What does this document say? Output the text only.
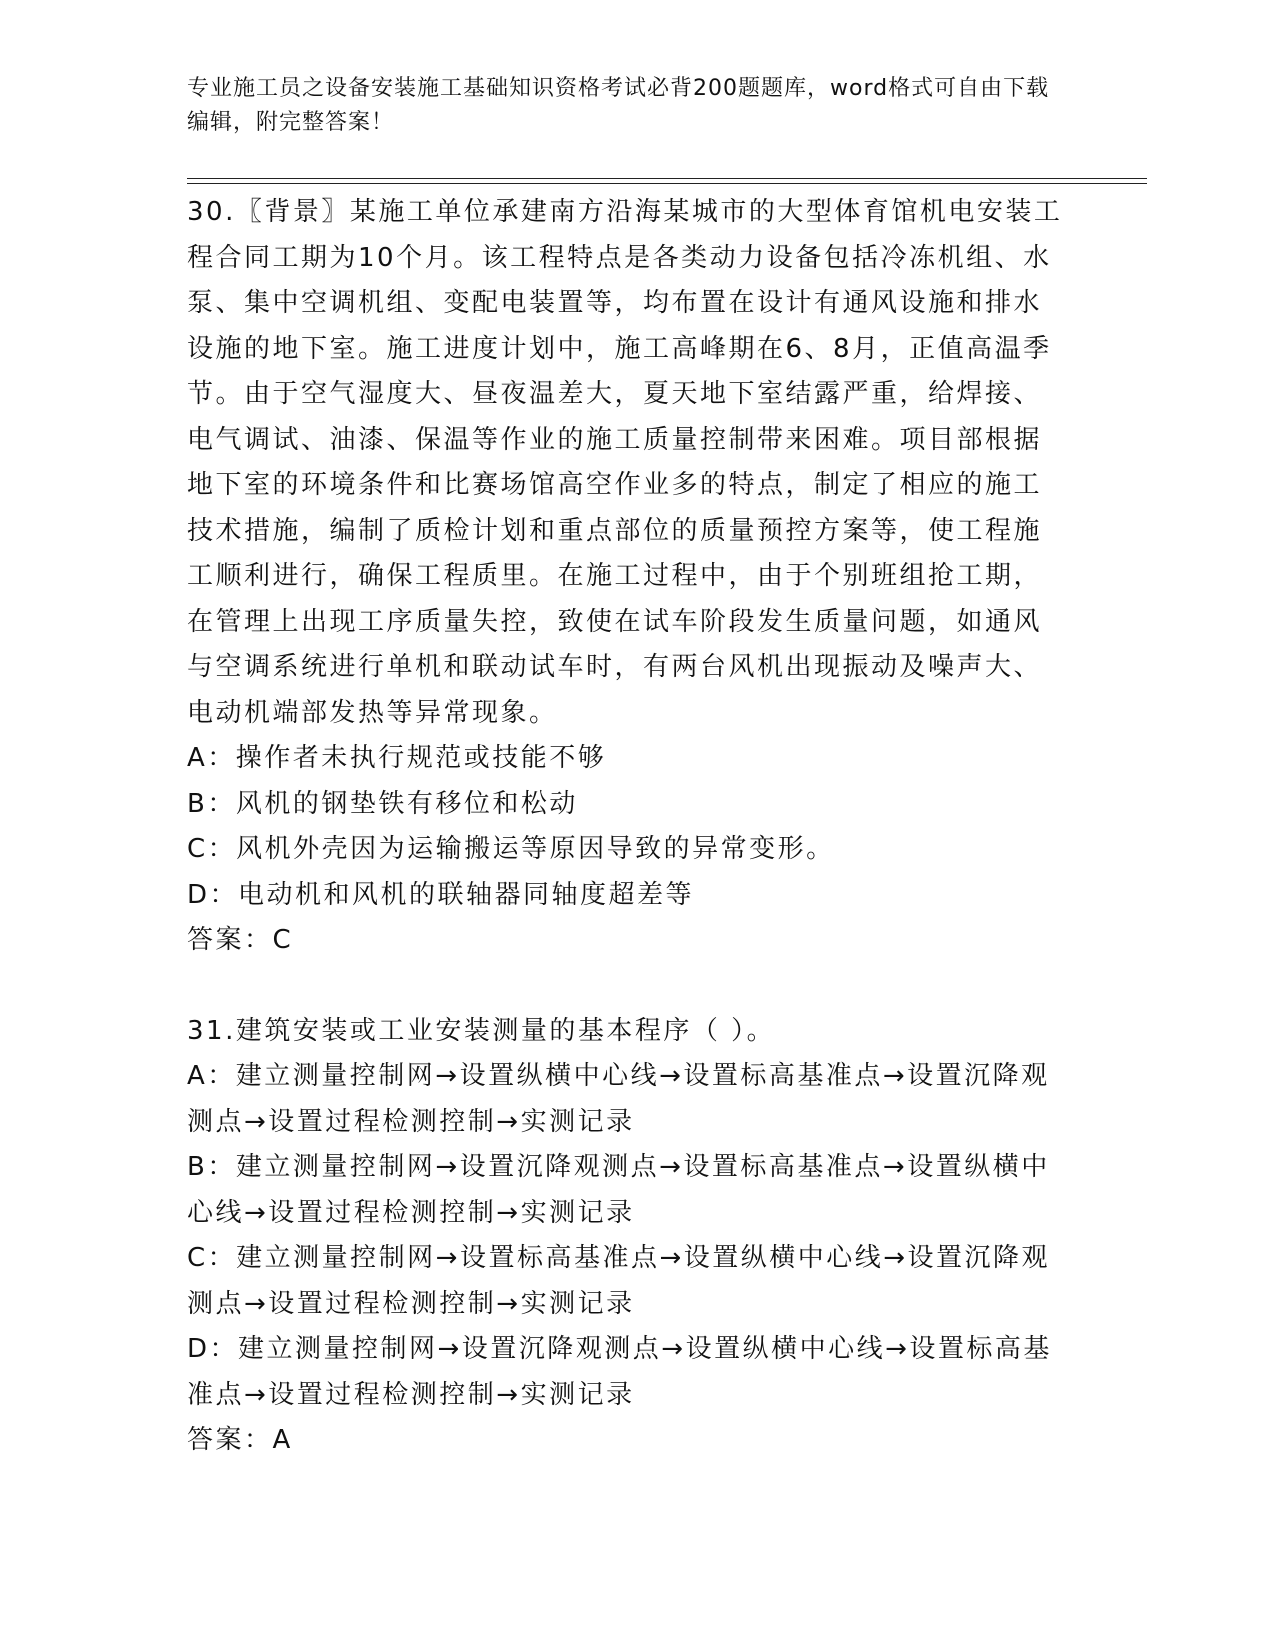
专业施工员之设备安装施工基础知识资格考试必背200题题库，word格式可自由下载编辑，附完整答案！

30.〖背景〗某施工单位承建南方沿海某城市的大型体育馆机电安装工程合同工期为10个月。该工程特点是各类动力设备包括冷冻机组、水泵、集中空调机组、变配电装置等，均布置在设计有通风设施和排水设施的地下室。施工进度计划中，施工高峰期在6、8月，正值高温季节。由于空气湿度大、昼夜温差大，夏天地下室结露严重，给焊接、电气调试、油漆、保温等作业的施工质量控制带来困难。项目部根据地下室的环境条件和比赛场馆高空作业多的特点，制定了相应的施工技术措施，编制了质检计划和重点部位的质量预控方案等，使工程施工顺利进行，确保工程质里。在施工过程中，由于个别班组抢工期，在管理上出现工序质量失控，致使在试车阶段发生质量问题，如通风与空调系统进行单机和联动试车时，有两台风机出现振动及噪声大、电动机端部发热等异常现象。

A：操作者未执行规范或技能不够

B：风机的钢垫铁有移位和松动

C：风机外壳因为运输搬运等原因导致的异常变形。

D：电动机和风机的联轴器同轴度超差等

答案：C

31.建筑安装或工业安装测量的基本程序（ ）。

A：建立测量控制网→设置纵横中心线→设置标高基准点→设置沉降观测点→设置过程检测控制→实测记录

B：建立测量控制网→设置沉降观测点→设置标高基准点→设置纵横中心线→设置过程检测控制→实测记录

C：建立测量控制网→设置标高基准点→设置纵横中心线→设置沉降观测点→设置过程检测控制→实测记录

D：建立测量控制网→设置沉降观测点→设置纵横中心线→设置标高基准点→设置过程检测控制→实测记录

答案：A
